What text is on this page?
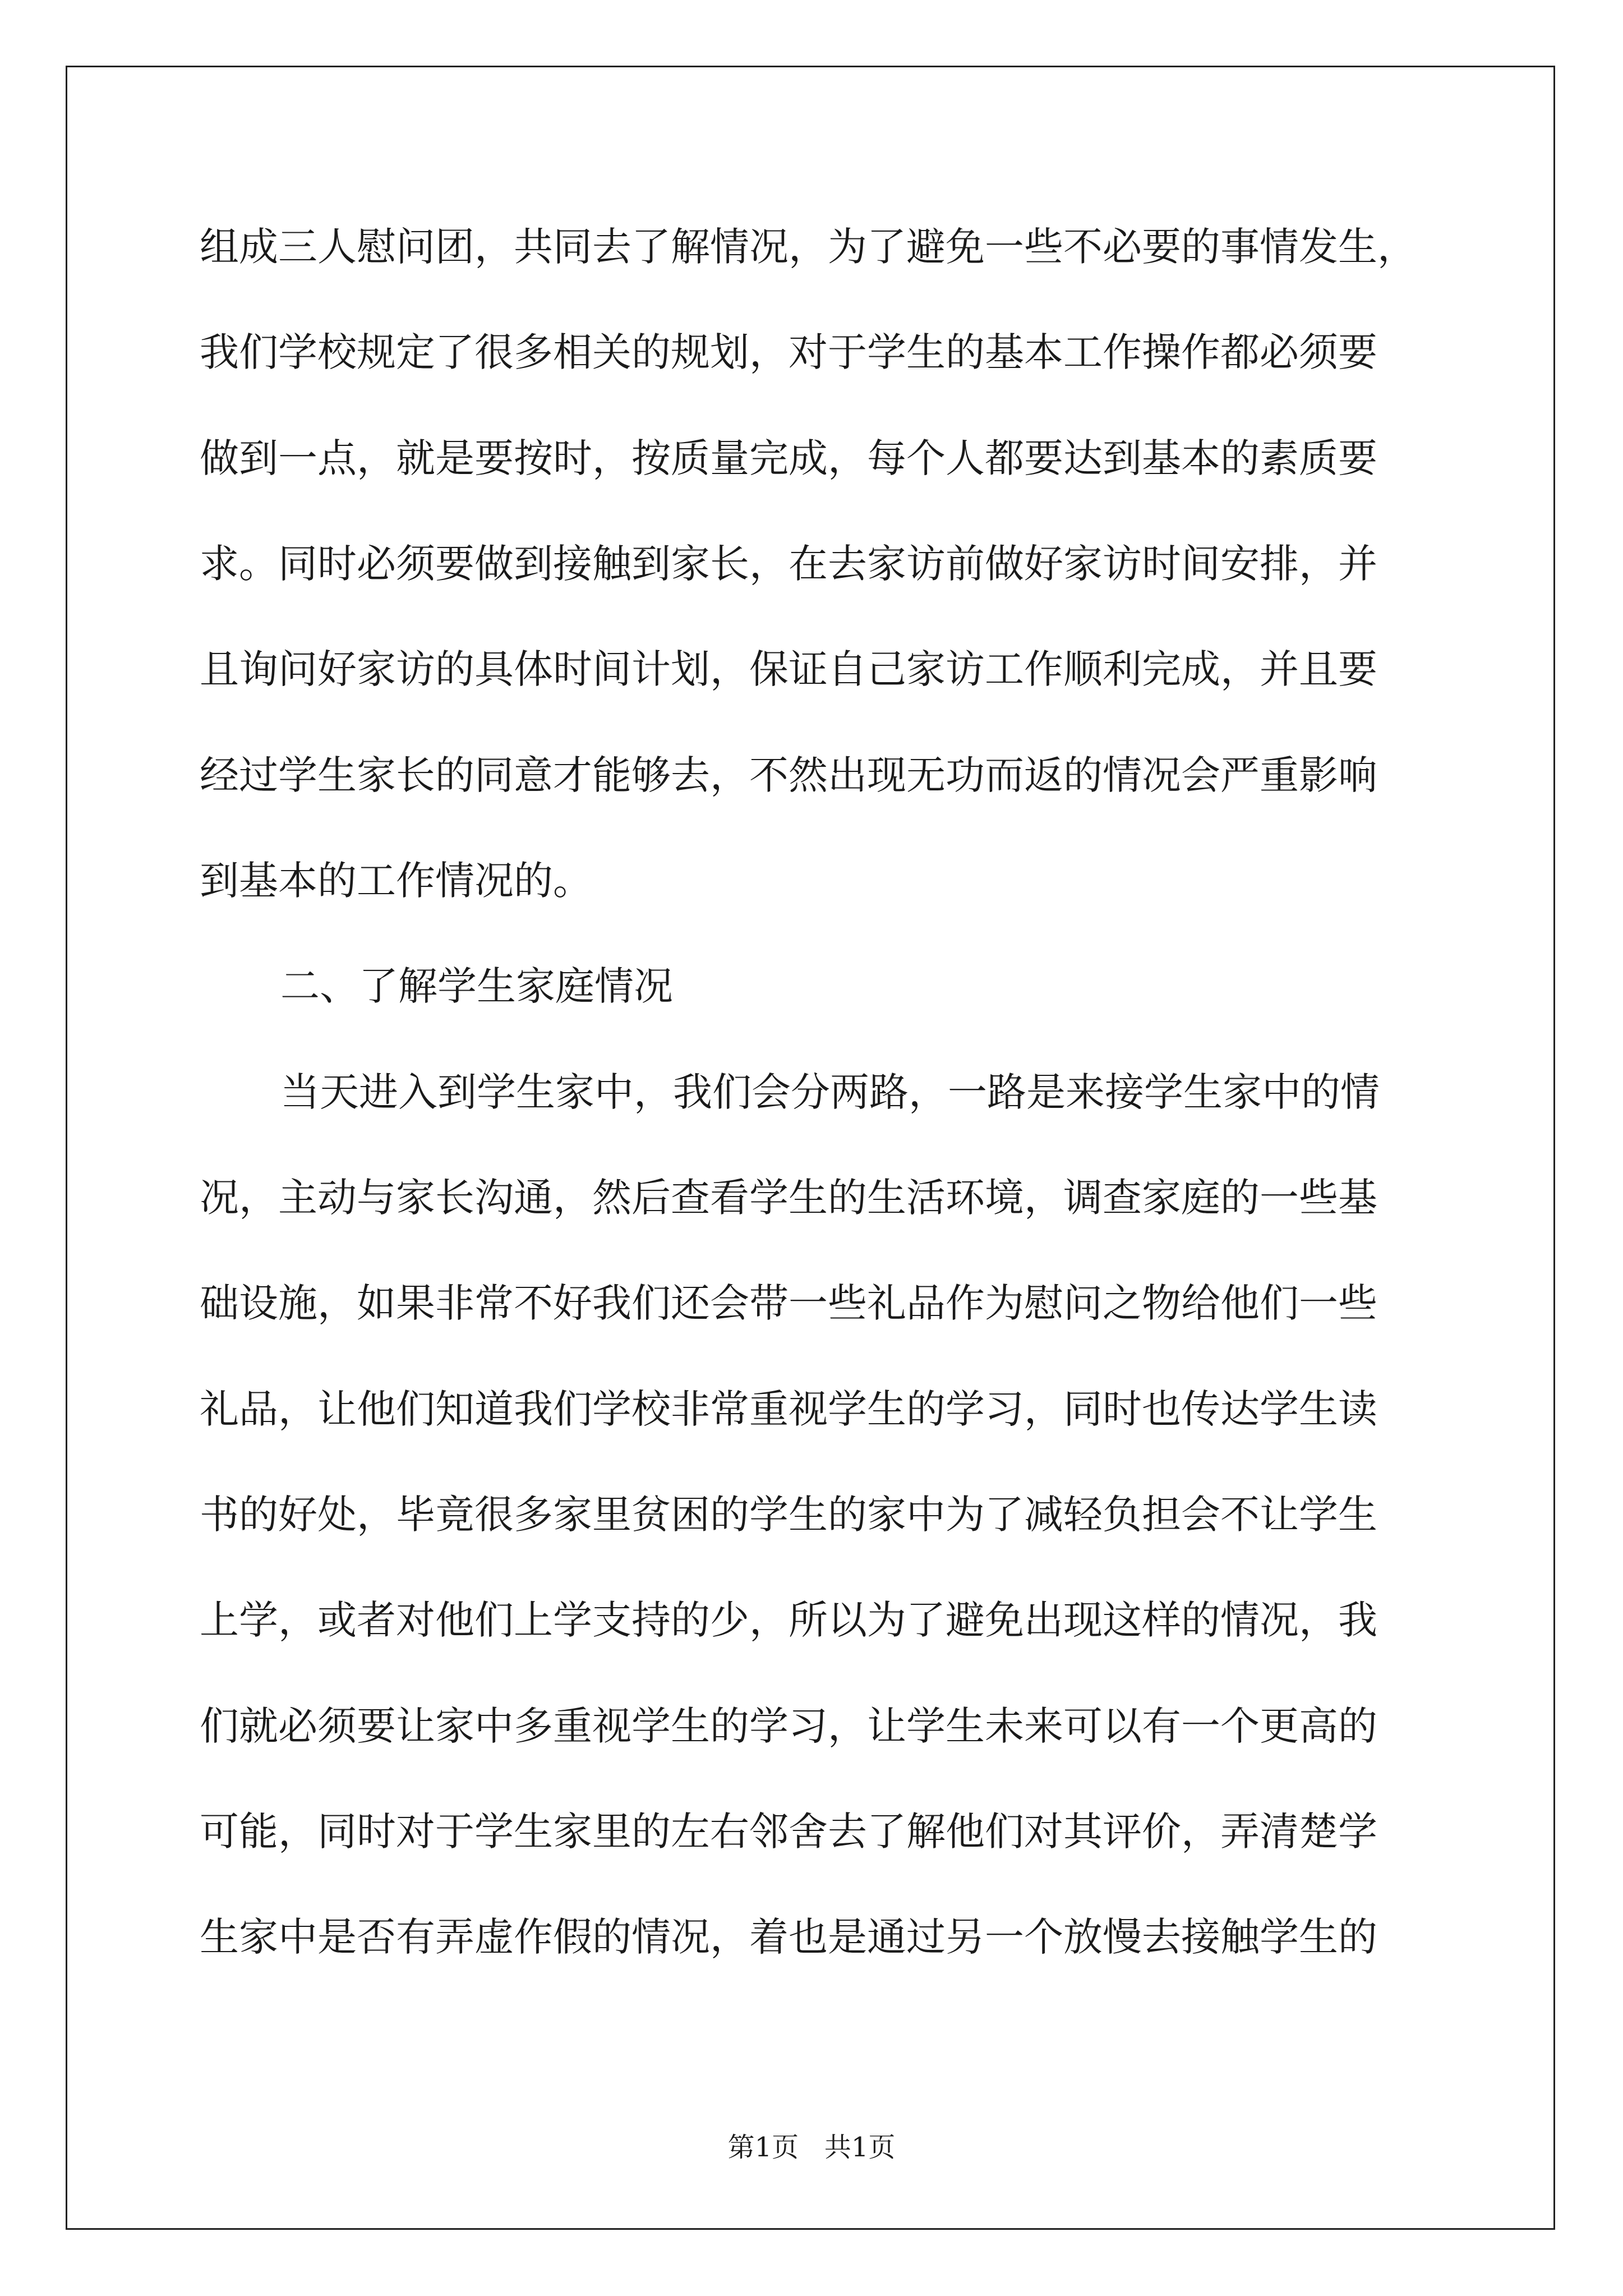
组成三人慰问团，共同去了解情况，为了避免一些不必要的事情发生，
我们学校规定了很多相关的规划，对于学生的基本工作操作都必须要
做到一点，就是要按时，按质量完成，每个人都要达到基本的素质要
求。同时必须要做到接触到家长，在去家访前做好家访时间安排，并
且询问好家访的具体时间计划，保证自己家访工作顺利完成，并且要
经过学生家长的同意才能够去，不然出现无功而返的情况会严重影响
到基本的工作情况的。
二、了解学生家庭情况
当天进入到学生家中，我们会分两路，一路是来接学生家中的情
况，主动与家长沟通，然后查看学生的生活环境，调查家庭的一些基
础设施，如果非常不好我们还会带一些礼品作为慰问之物给他们一些
礼品，让他们知道我们学校非常重视学生的学习，同时也传达学生读
书的好处，毕竟很多家里贫困的学生的家中为了减轻负担会不让学生
上学，或者对他们上学支持的少，所以为了避免出现这样的情况，我
们就必须要让家中多重视学生的学习，让学生未来可以有一个更高的
可能，同时对于学生家里的左右邻舍去了解他们对其评价，弄清楚学
生家中是否有弄虚作假的情况，着也是通过另一个放慢去接触学生的
第1页   共1页
